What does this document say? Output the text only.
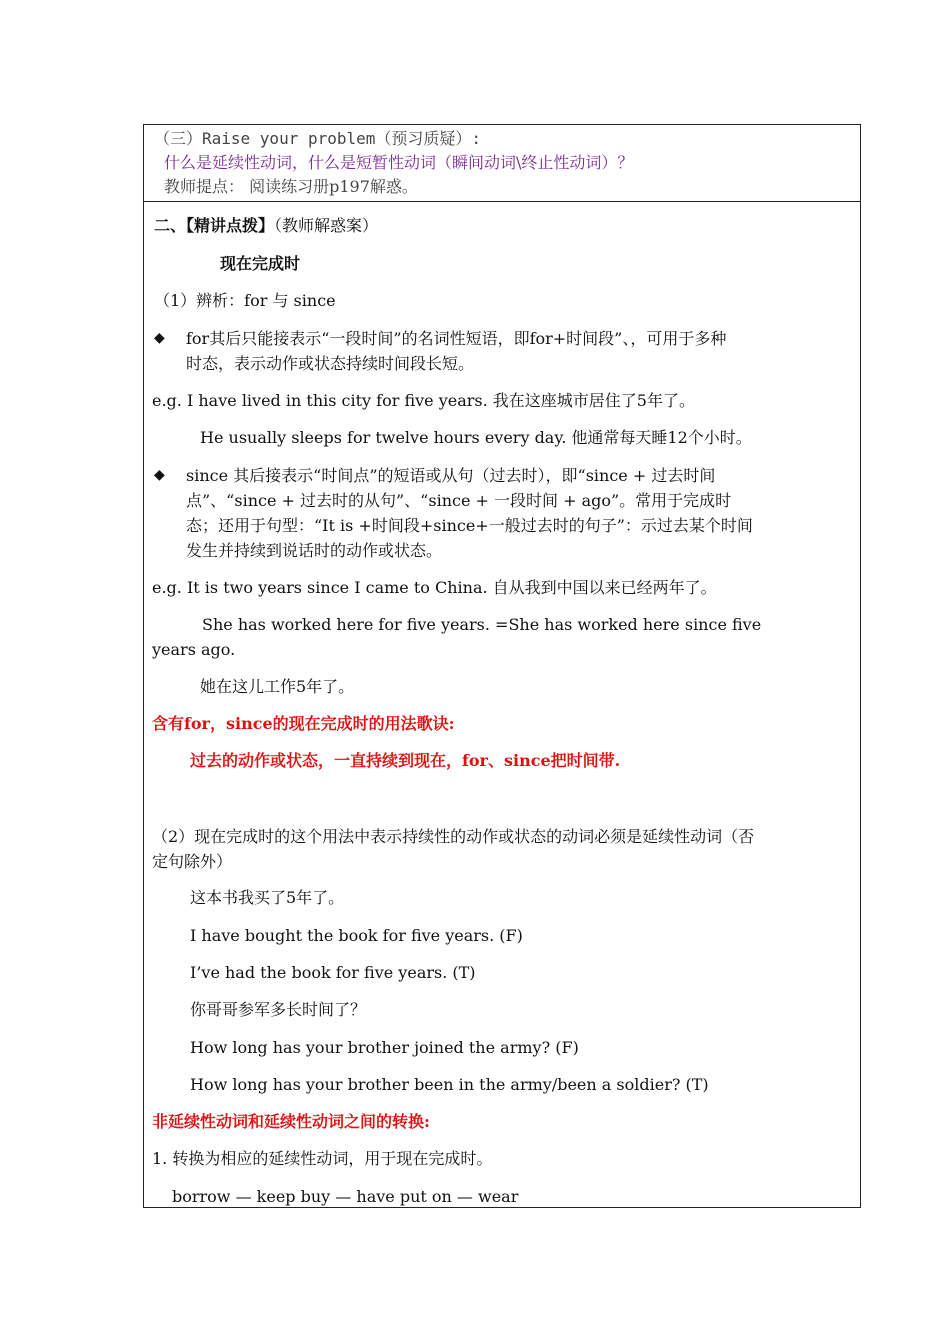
（三）Raise your problem（预习质疑）:
什么是延续性动词，什么是短暂性动词（瞬间动词\终止性动词）？
教师提点： 阅读练习册p197解惑。
二、【精讲点拨】（教师解惑案）
现在完成时
（1）辨析：for 与 since
◆ for其后只能接表示“一段时间”的名词性短语，即for+时间段”、，可用于多种
时态，表示动作或状态持续时间段长短。
e.g. I have lived in this city for five years. 我在这座城市居住了5年了。
He usually sleeps for twelve hours every day. 他通常每天睡12个小时。
◆ since 其后接表示“时间点”的短语或从句（过去时），即“since + 过去时间
点”、“since + 过去时的从句”、“since + 一段时间 + ago”。常用于完成时
态；还用于句型：“It is +时间段+since+一般过去时的句子”：示过去某个时间
发生并持续到说话时的动作或状态。
e.g. It is two years since I came to China. 自从我到中国以来已经两年了。
She has worked here for five years. =She has worked here since five
years ago.
她在这儿工作5年了。
含有for，since的现在完成时的用法歌诀:
过去的动作或状态，一直持续到现在，for、since把时间带.
（2）现在完成时的这个用法中表示持续性的动作或状态的动词必须是延续性动词（否
定句除外）
这本书我买了5年了。
I have bought the book for five years. (F)
I’ve had the book for five years. (T)
你哥哥参军多长时间了？
How long has your brother joined the army? (F)
How long has your brother been in the army/been a soldier? (T)
非延续性动词和延续性动词之间的转换:
1. 转换为相应的延续性动词，用于现在完成时。
borrow — keep buy — have put on — wear
